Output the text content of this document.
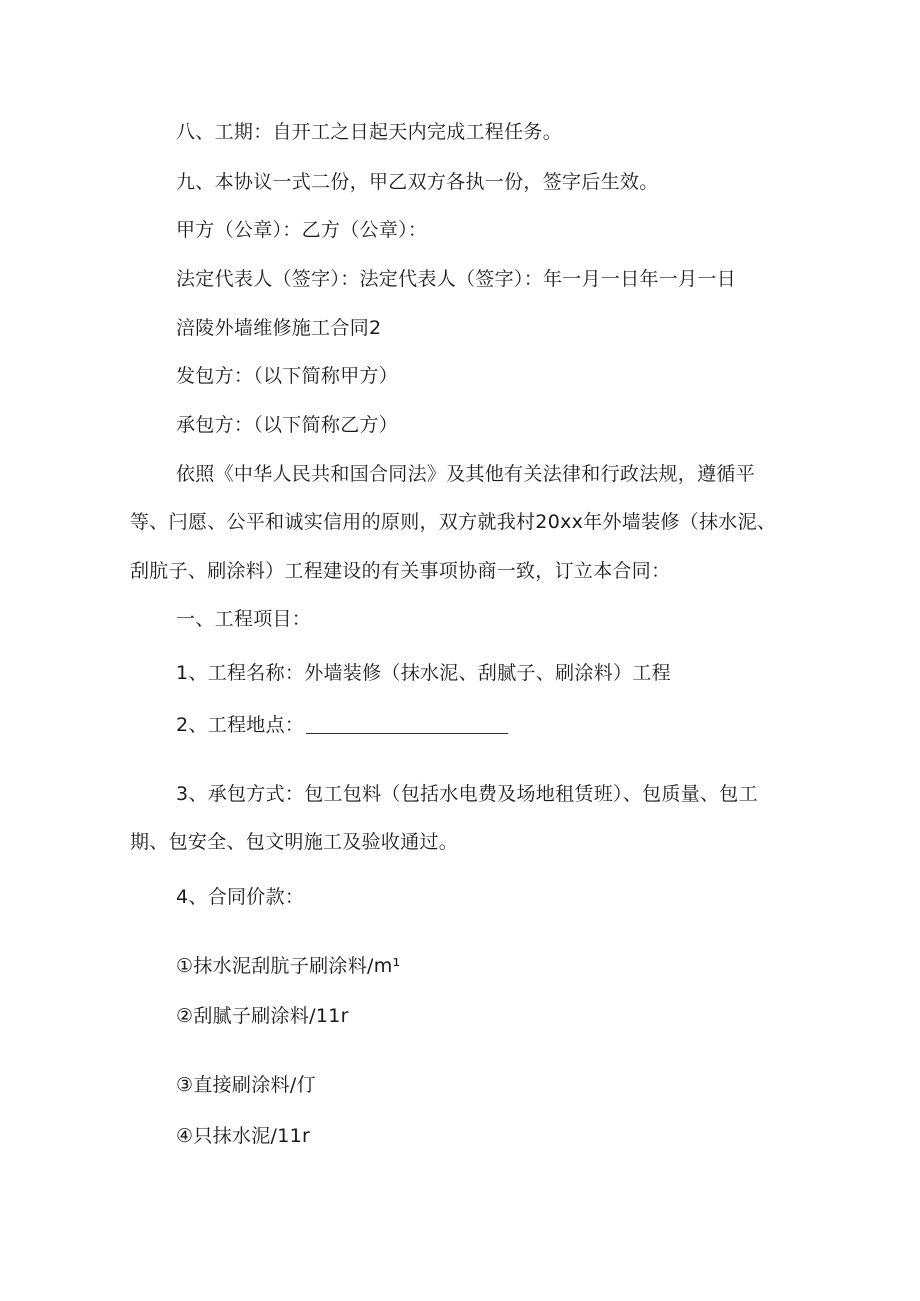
八、工期：自开工之日起天内完成工程任务。

九、本协议一式二份，甲乙双方各执一份，签字后生效。

甲方（公章）：乙方（公章）：

法定代表人（签字）：法定代表人（签字）：年一月一日年一月一日

涪陵外墙维修施工合同2

发包方：（以下简称甲方）

承包方：（以下简称乙方）

依照《中华人民共和国合同法》及其他有关法律和行政法规，遵循平

等、闩愿、公平和诚实信用的原则，双方就我村20xx年外墙装修（抹水泥、

刮肮子、刷涂料）工程建设的有关事项协商一致，订立本合同：

一、工程项目：

1、工程名称：外墙装修（抹水泥、刮腻子、刷涂料）工程

2、工程地点：

3、承包方式：包工包料（包括水电费及场地租赁班）、包质量、包工

期、包安全、包文明施工及验收通过。

4、合同价款：

①抹水泥刮肮子刷涂料/m¹

②刮腻子刷涂料/11r

③直接刷涂料/仃

④只抹水泥/11r
